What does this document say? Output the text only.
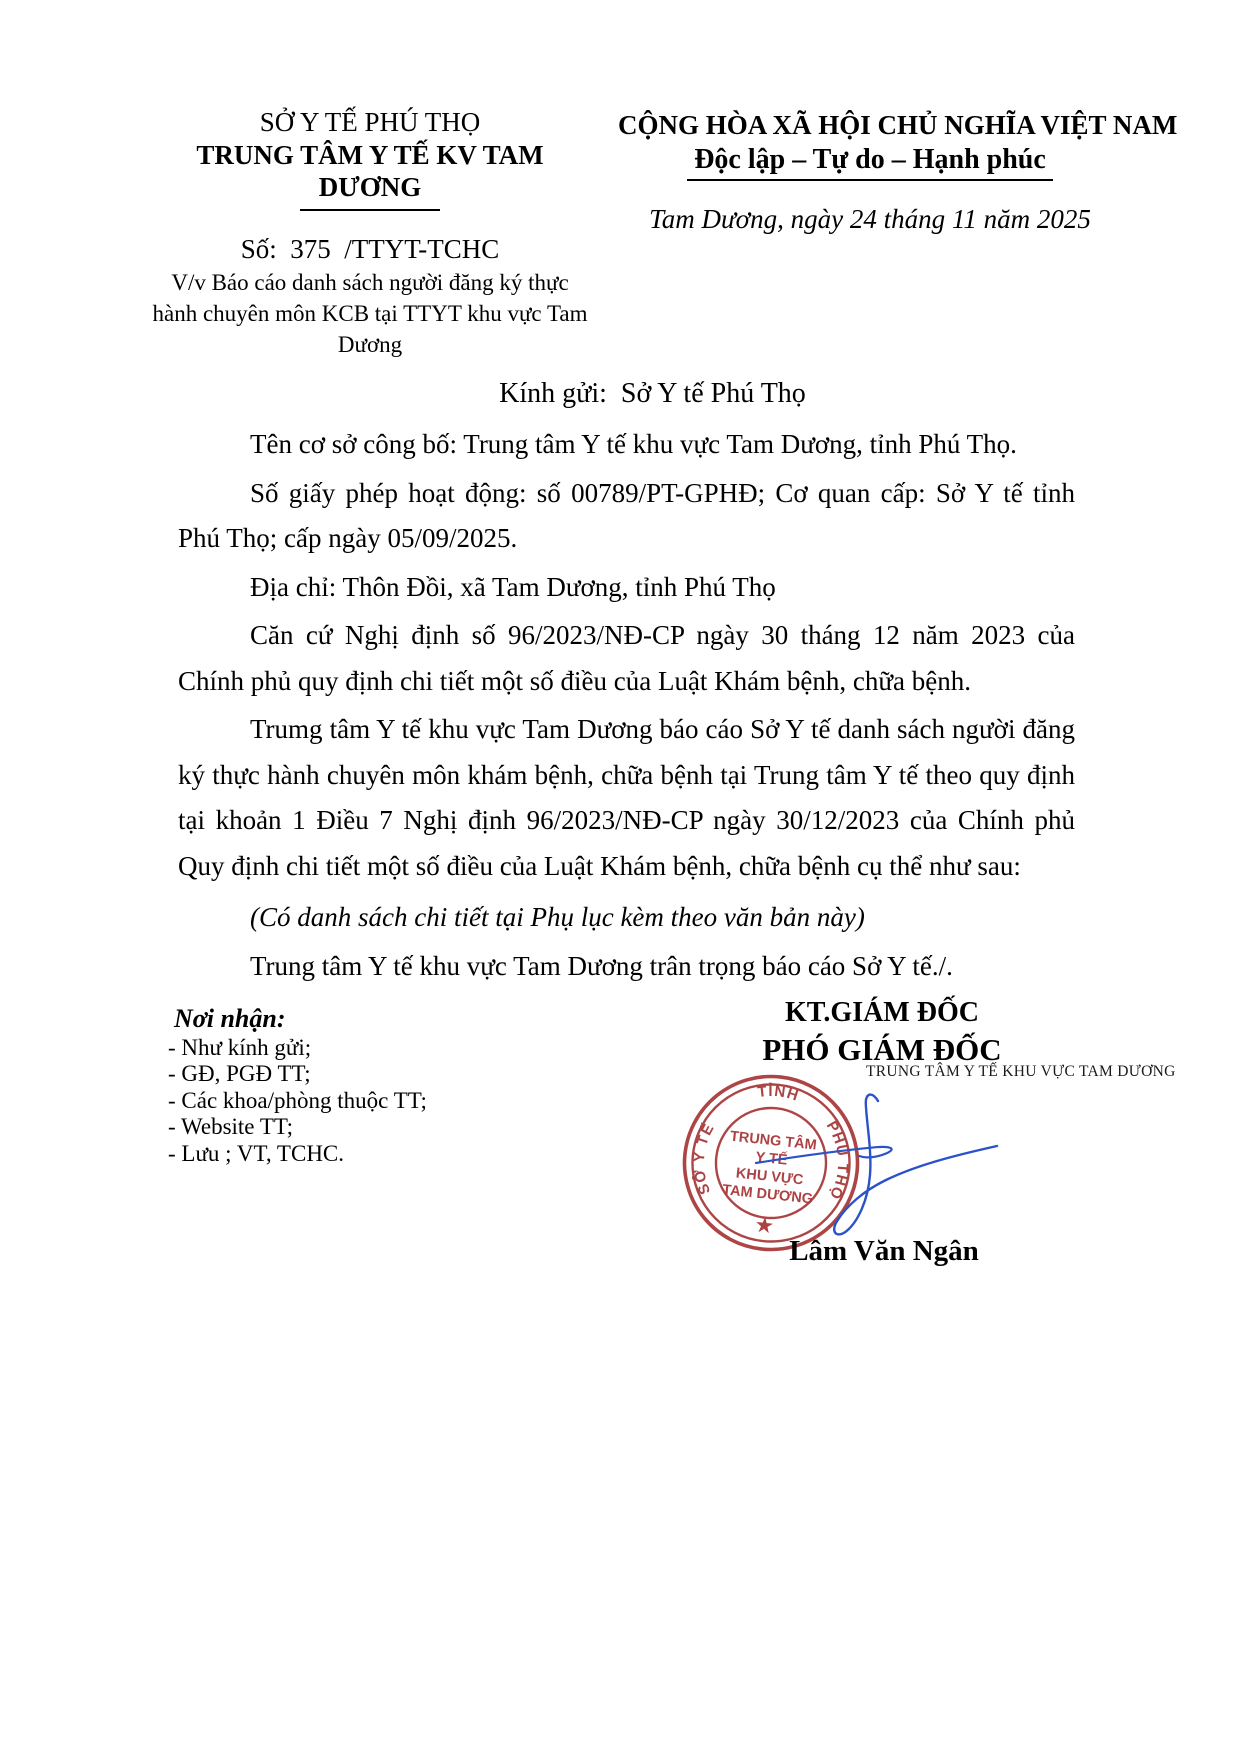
SỞ Y TẾ PHÚ THỌ
TRUNG TÂM Y TẾ KV TAM DƯƠNG
Số:  375  /TTYT-TCHC
V/v Báo cáo danh sách người đăng ký thực hành chuyên môn KCB tại TTYT khu vực Tam Dương
CỘNG HÒA XÃ HỘI CHỦ NGHĨA VIỆT NAM
Độc lập – Tự do – Hạnh phúc
Tam Dương, ngày 24 tháng 11 năm 2025
Kính gửi:  Sở Y tế Phú Thọ

Tên cơ sở công bố: Trung tâm Y tế khu vực Tam Dương, tỉnh Phú Thọ.

Số giấy phép hoạt động: số 00789/PT-GPHĐ; Cơ quan cấp: Sở Y tế tỉnh Phú Thọ; cấp ngày 05/09/2025.

Địa chỉ: Thôn Đồi, xã Tam Dương, tỉnh Phú Thọ

Căn cứ Nghị định số 96/2023/NĐ-CP ngày 30 tháng 12 năm 2023 của Chính phủ quy định chi tiết một số điều của Luật Khám bệnh, chữa bệnh.

Trumg tâm Y tế khu vực Tam Dương báo cáo Sở Y tế danh sách người đăng ký thực hành chuyên môn khám bệnh, chữa bệnh tại Trung tâm Y tế theo quy định tại khoản 1 Điều 7 Nghị định 96/2023/NĐ-CP ngày 30/12/2023 của Chính phủ Quy định chi tiết một số điều của Luật Khám bệnh, chữa bệnh cụ thể như sau:

(Có danh sách chi tiết tại Phụ lục kèm theo văn bản này)

Trung tâm Y tế khu vực Tam Dương trân trọng báo cáo Sở Y tế./.

Nơi nhận:
- Như kính gửi;
- GĐ, PGĐ TT;
- Các khoa/phòng thuộc TT;
- Website TT;
- Lưu ; VT, TCHC.
KT.GIÁM ĐỐC
PHÓ GIÁM ĐỐC
TRUNG TÂM Y TẾ KHU VỰC TAM DƯƠNG
SỞ Y TẾ
TỈNH
PHÚ THỌ
TRUNG TÂM
Y TẾ
KHU VỰC
TAM DƯƠNG
★
Lâm Văn Ngân
